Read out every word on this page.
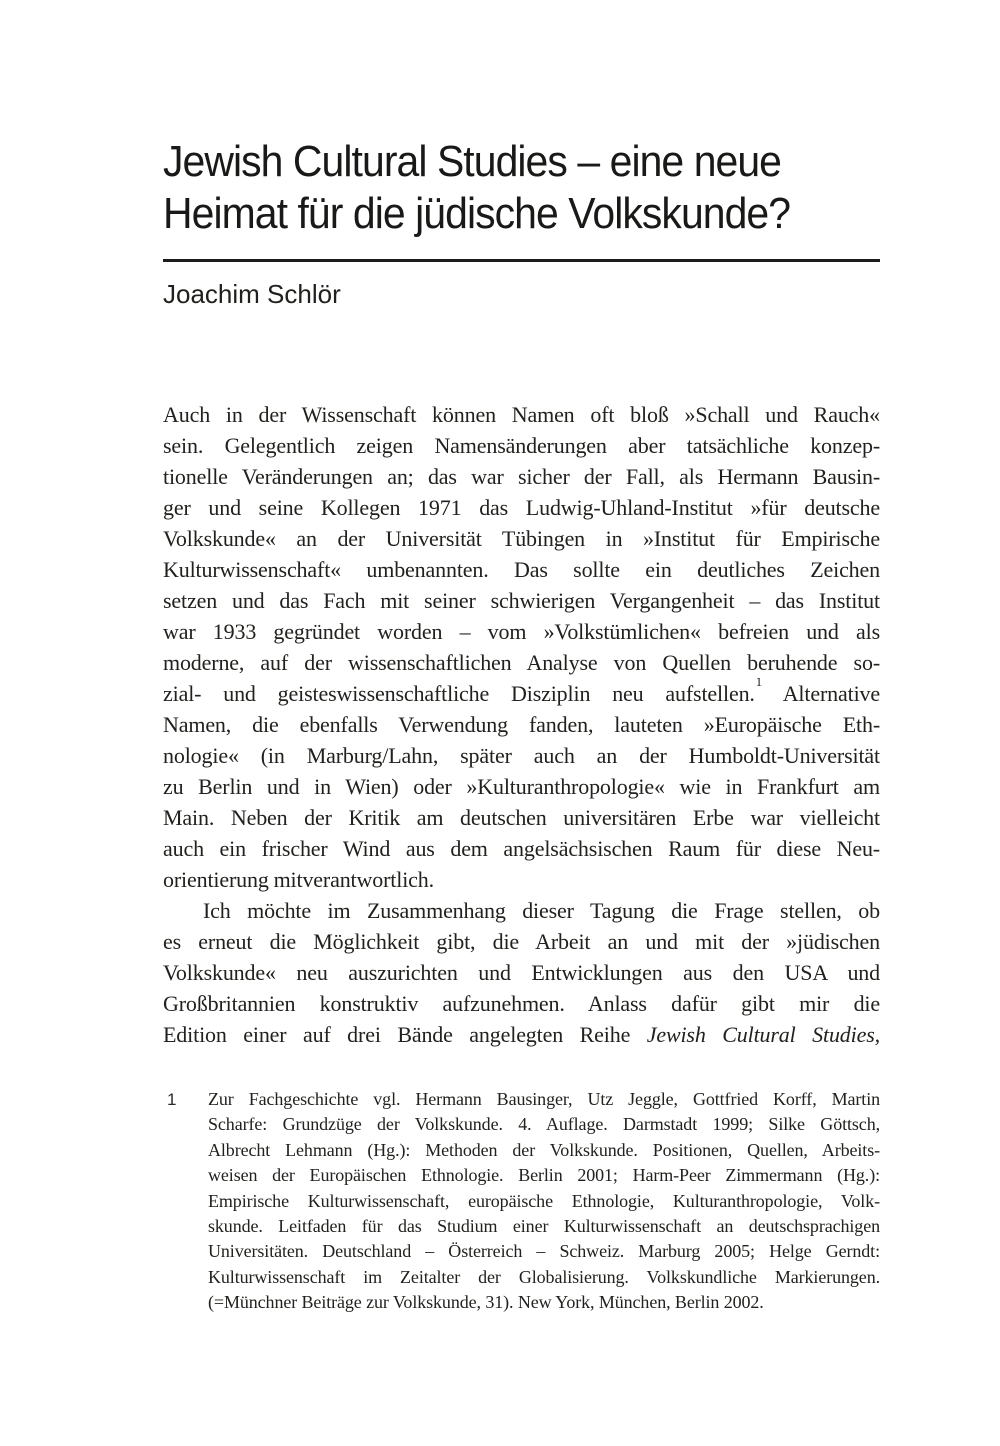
Jewish Cultural Studies – eine neue
Heimat für die jüdische Volkskunde?
Joachim Schlör
Auch in der Wissenschaft können Namen oft bloß »Schall und Rauch«
sein. Gelegentlich zeigen Namensänderungen aber tatsächliche konzep-
tionelle Veränderungen an; das war sicher der Fall, als Hermann Bausin-
ger und seine Kollegen 1971 das Ludwig-Uhland-Institut »für deutsche
Volkskunde« an der Universität Tübingen in »Institut für Empirische
Kulturwissenschaft« umbenannten. Das sollte ein deutliches Zeichen
setzen und das Fach mit seiner schwierigen Vergangenheit – das Institut
war 1933 gegründet worden – vom »Volkstümlichen« befreien und als
moderne, auf der wissenschaftlichen Analyse von Quellen beruhende so-
zial- und geisteswissenschaftliche Disziplin neu aufstellen.$^1$ Alternative
Namen, die ebenfalls Verwendung fanden, lauteten »Europäische Eth-
nologie« (in Marburg/Lahn, später auch an der Humboldt-Universität
zu Berlin und in Wien) oder »Kulturanthropologie« wie in Frankfurt am
Main. Neben der Kritik am deutschen universitären Erbe war vielleicht
auch ein frischer Wind aus dem angelsächsischen Raum für diese Neu-
orientierung mitverantwortlich.
Ich möchte im Zusammenhang dieser Tagung die Frage stellen, ob
es erneut die Möglichkeit gibt, die Arbeit an und mit der »jüdischen
Volkskunde« neu auszurichten und Entwicklungen aus den USA und
Großbritannien konstruktiv aufzunehmen. Anlass dafür gibt mir die
Edition einer auf drei Bände angelegten Reihe Jewish Cultural Studies,
1 Zur Fachgeschichte vgl. Hermann Bausinger, Utz Jeggle, Gottfried Korff, Martin
Scharfe: Grundzüge der Volkskunde. 4. Auflage. Darmstadt 1999; Silke Göttsch,
Albrecht Lehmann (Hg.): Methoden der Volkskunde. Positionen, Quellen, Arbeits-
weisen der Europäischen Ethnologie. Berlin 2001; Harm-Peer Zimmermann (Hg.):
Empirische Kulturwissenschaft, europäische Ethnologie, Kulturanthropologie, Volk-
skunde. Leitfaden für das Studium einer Kulturwissenschaft an deutschsprachigen
Universitäten. Deutschland – Österreich – Schweiz. Marburg 2005; Helge Gerndt:
Kulturwissenschaft im Zeitalter der Globalisierung. Volkskundliche Markierungen.
(=Münchner Beiträge zur Volkskunde, 31). New York, München, Berlin 2002.
